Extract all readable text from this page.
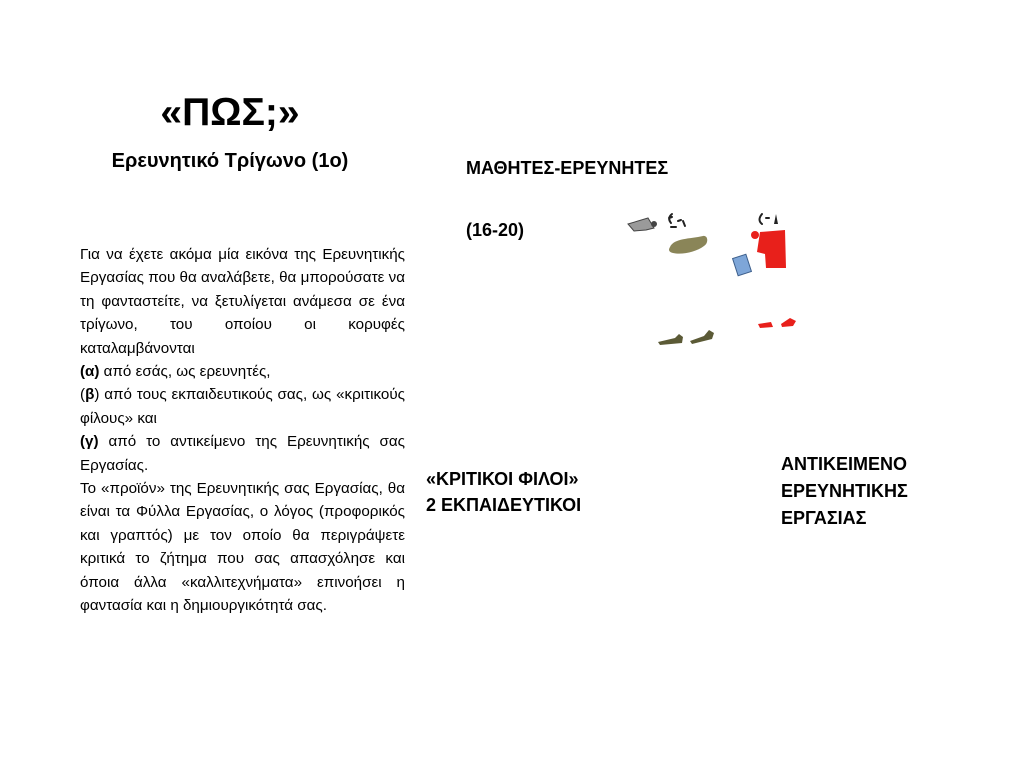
«ΠΩΣ;»
Ερευνητικό Τρίγωνο (1ο)

Για να έχετε ακόμα μία εικόνα της Ερευνητικής Εργασίας που θα αναλάβετε, θα μπορούσατε να τη φανταστείτε, να ξετυλίγεται ανάμεσα σε ένα τρίγωνο, του οποίου οι κορυφές καταλαμβάνονται

(α) από εσάς, ως ερευνητές,

(β) από τους εκπαιδευτικούς σας, ως «κριτικούς φίλους» και

(γ) από το αντικείμενο της Ερευνητικής σας Εργασίας.

Το «προϊόν» της Ερευνητικής σας Εργασίας, θα είναι τα Φύλλα Εργασίας, ο λόγος (προφορικός και γραπτός) με τον οποίο θα περιγράψετε κριτικά το ζήτημα που σας απασχόλησε και όποια άλλα «καλλιτεχνήματα» επινοήσει η φαντασία και η δημιουργικότητά σας.

ΜΑΘΗΤΕΣ-ΕΡΕΥΝΗΤΕΣ
(16-20)
«ΚΡΙΤΙΚΟΙ ΦΙΛΟΙ»
2 ΕΚΠΑΙΔΕΥΤΙΚΟΙ
ΑΝΤΙΚΕΙΜΕΝΟ
ΕΡΕΥΝΗΤΙΚΗΣ
ΕΡΓΑΣΙΑΣ
